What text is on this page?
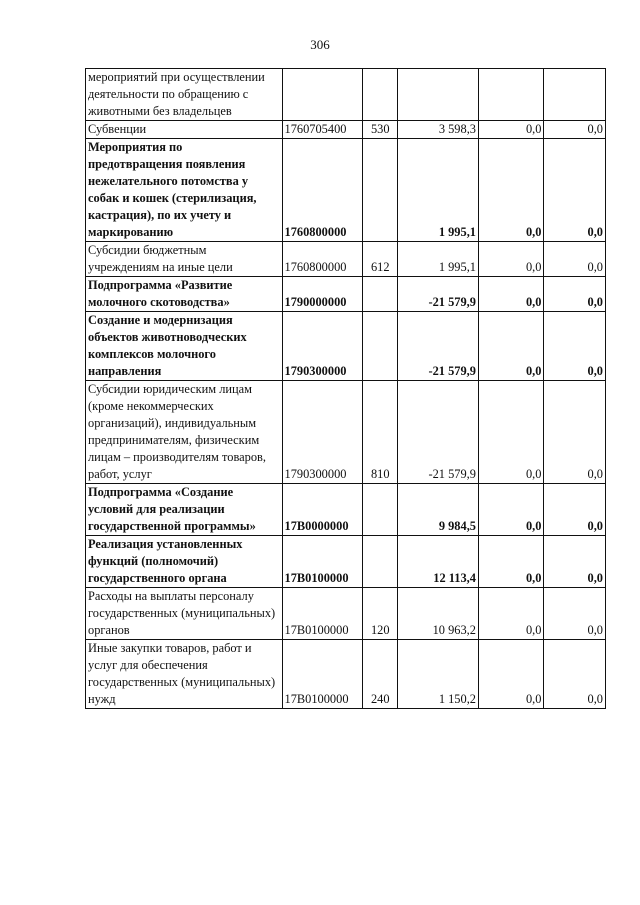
306
мероприятий при осуществлении деятельности по обращению с животными без владельцев					
Субвенции	1760705400	530	3 598,3	0,0	0,0
Мероприятия по предотвращения появления нежелательного потомства у собак и кошек (стерилизация, кастрация), по их учету и маркированию	1760800000		1 995,1	0,0	0,0
Субсидии бюджетным учреждениям на иные цели	1760800000	612	1 995,1	0,0	0,0
Подпрограмма «Развитие молочного скотоводства»	1790000000		-21 579,9	0,0	0,0
Создание и модернизация объектов животноводческих комплексов молочного направления	1790300000		-21 579,9	0,0	0,0
Субсидии юридическим лицам (кроме некоммерческих организаций), индивидуальным предпринимателям, физическим лицам – производителям товаров, работ, услуг	1790300000	810	-21 579,9	0,0	0,0
Подпрограмма «Создание условий для реализации государственной программы»	17В0000000		9 984,5	0,0	0,0
Реализация установленных функций (полномочий) государственного органа	17В0100000		12 113,4	0,0	0,0
Расходы на выплаты персоналу государственных (муниципальных) органов	17В0100000	120	10 963,2	0,0	0,0
Иные закупки товаров, работ и услуг для обеспечения государственных (муниципальных) нужд	17В0100000	240	1 150,2	0,0	0,0
